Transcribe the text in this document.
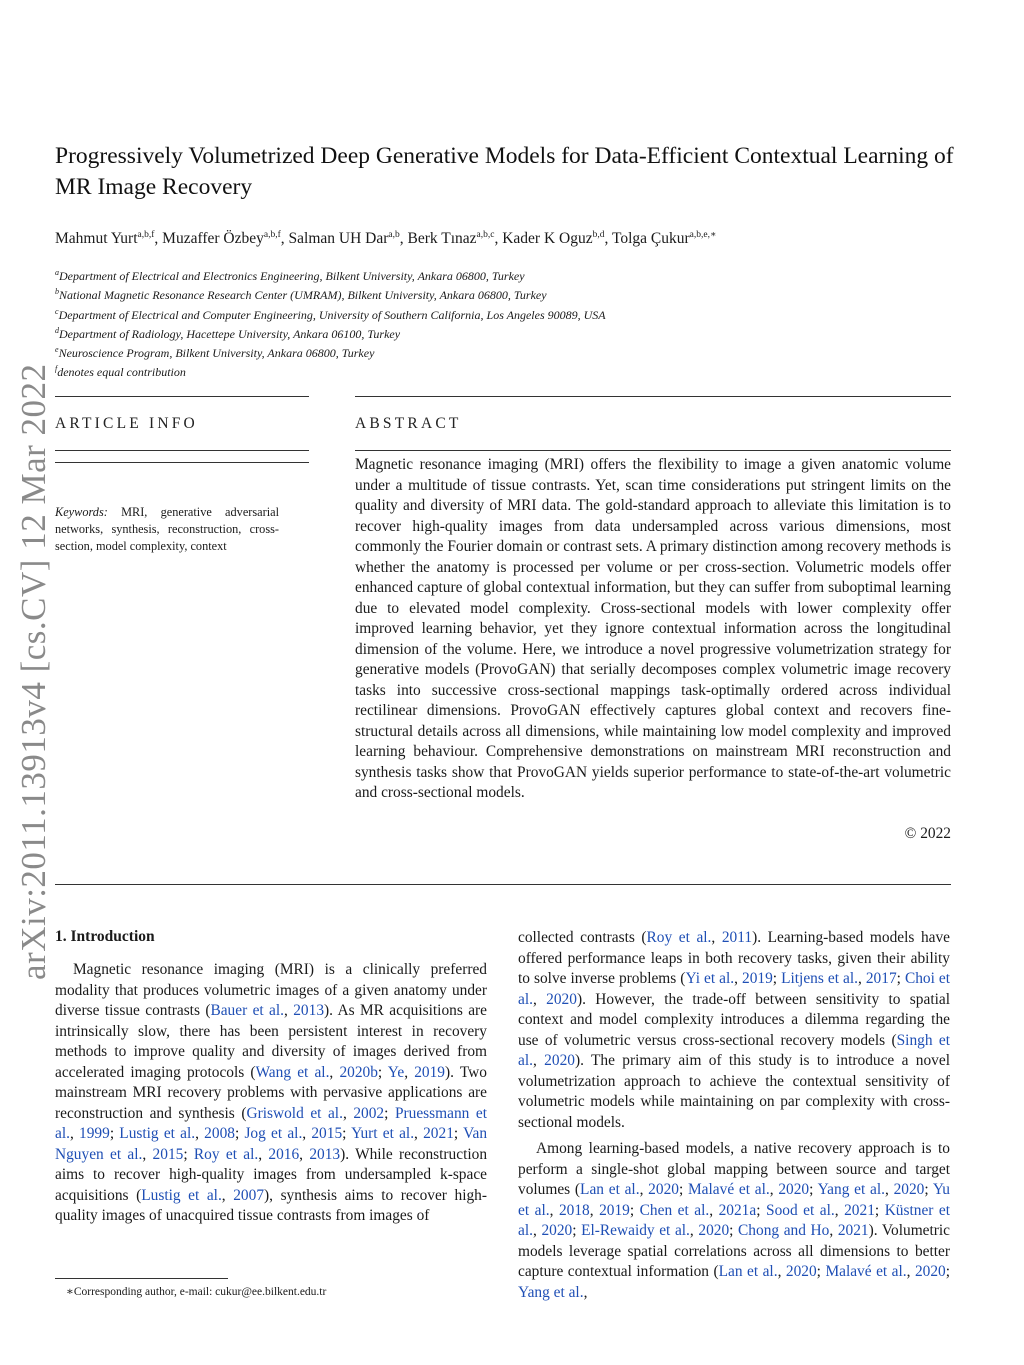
arXiv:2011.13913v4 [cs.CV] 12 Mar 2022
Progressively Volumetrized Deep Generative Models for Data-Efficient Contextual Learning of MR Image Recovery
Mahmut Yurt$^{a,b,f}$, Muzaffer Özbey$^{a,b,f}$, Salman UH Dar$^{a,b}$, Berk Tınaz$^{a,b,c}$, Kader K Oguz$^{b,d}$, Tolga Çukur$^{a,b,e,∗}$
$^a$Department of Electrical and Electronics Engineering, Bilkent University, Ankara 06800, Turkey
$^b$National Magnetic Resonance Research Center (UMRAM), Bilkent University, Ankara 06800, Turkey
$^c$Department of Electrical and Computer Engineering, University of Southern California, Los Angeles 90089, USA
$^d$Department of Radiology, Hacettepe University, Ankara 06100, Turkey
$^e$Neuroscience Program, Bilkent University, Ankara 06800, Turkey
$^f$denotes equal contribution
ARTICLE INFO
Keywords: MRI, generative adversarial networks, synthesis, reconstruction, cross-section, model complexity, context
ABSTRACT
Magnetic resonance imaging (MRI) offers the flexibility to image a given anatomic volume under a multitude of tissue contrasts. Yet, scan time considerations put stringent limits on the quality and diversity of MRI data. The gold-standard approach to alleviate this limitation is to recover high-quality images from data undersampled across various dimensions, most commonly the Fourier domain or contrast sets. A primary distinction among recovery methods is whether the anatomy is processed per volume or per cross-section. Volumetric models offer enhanced capture of global contextual information, but they can suffer from suboptimal learning due to elevated model complexity. Cross-sectional models with lower complexity offer improved learning behavior, yet they ignore contextual information across the longitudinal dimension of the volume. Here, we introduce a novel progressive volumetrization strategy for generative models (ProvoGAN) that serially decomposes complex volumetric image recovery tasks into successive cross-sectional mappings task-optimally ordered across individual rectilinear dimensions. ProvoGAN effectively captures global context and recovers fine-structural details across all dimensions, while maintaining low model complexity and improved learning behaviour. Comprehensive demonstrations on mainstream MRI reconstruction and synthesis tasks show that ProvoGAN yields superior performance to state-of-the-art volumetric and cross-sectional models.
© 2022
1. Introduction

Magnetic resonance imaging (MRI) is a clinically preferred modality that produces volumetric images of a given anatomy under diverse tissue contrasts (Bauer et al., 2013). As MR acquisitions are intrinsically slow, there has been persistent interest in recovery methods to improve quality and diversity of images derived from accelerated imaging protocols (Wang et al., 2020b; Ye, 2019). Two mainstream MRI recovery problems with pervasive applications are reconstruction and synthesis (Griswold et al., 2002; Pruessmann et al., 1999; Lustig et al., 2008; Jog et al., 2015; Yurt et al., 2021; Van Nguyen et al., 2015; Roy et al., 2016, 2013). While reconstruction aims to recover high-quality images from undersampled k-space acquisitions (Lustig et al., 2007), synthesis aims to recover high-quality images of unacquired tissue contrasts from images of

collected contrasts (Roy et al., 2011). Learning-based models have offered performance leaps in both recovery tasks, given their ability to solve inverse problems (Yi et al., 2019; Litjens et al., 2017; Choi et al., 2020). However, the trade-off between sensitivity to spatial context and model complexity introduces a dilemma regarding the use of volumetric versus cross-sectional recovery models (Singh et al., 2020). The primary aim of this study is to introduce a novel volumetrization approach to achieve the contextual sensitivity of volumetric models while maintaining on par complexity with cross-sectional models.

Among learning-based models, a native recovery approach is to perform a single-shot global mapping between source and target volumes (Lan et al., 2020; Malavé et al., 2020; Yang et al., 2020; Yu et al., 2018, 2019; Chen et al., 2021a; Sood et al., 2021; Küstner et al., 2020; El-Rewaidy et al., 2020; Chong and Ho, 2021). Volumetric models leverage spatial correlations across all dimensions to better capture contextual information (Lan et al., 2020; Malavé et al., 2020; Yang et al.,

∗Corresponding author, e-mail: cukur@ee.bilkent.edu.tr
